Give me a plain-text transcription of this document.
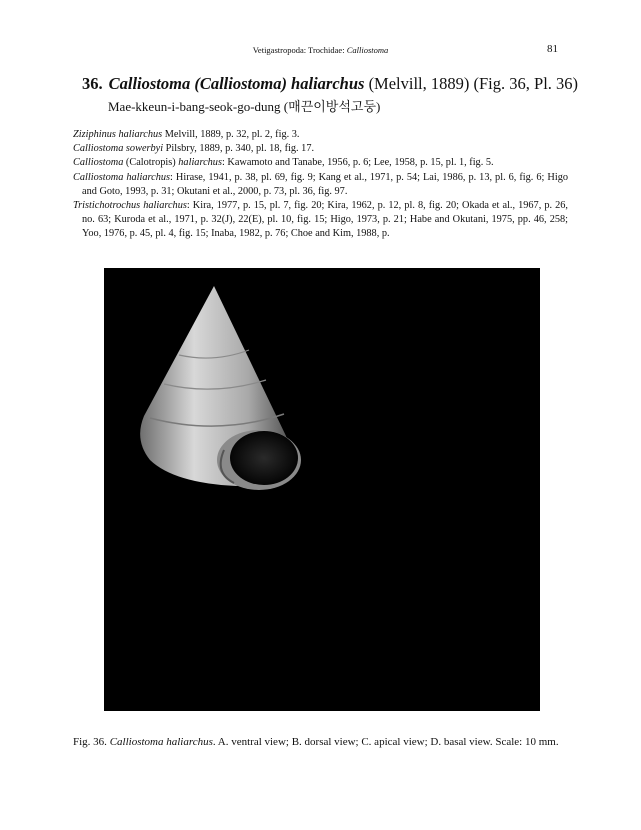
Vetigastropoda: Trochidae: Calliostoma	81
36. Calliostoma (Calliostoma) haliarchus (Melvill, 1889) (Fig. 36, Pl. 36)
Mae-kkeun-i-bang-seok-go-dung (매끈이방석고둥)

Ziziphinus haliarchus Melvill, 1889, p. 32, pl. 2, fig. 3.

Calliostoma sowerbyi Pilsbry, 1889, p. 340, pl. 18, fig. 17.

Calliostoma (Calotropis) haliarchus: Kawamoto and Tanabe, 1956, p. 6; Lee, 1958, p. 15, pl. 1, fig. 5.

Calliostoma haliarchus: Hirase, 1941, p. 38, pl. 69, fig. 9; Kang et al., 1971, p. 54; Lai, 1986, p. 13, pl. 6, fig. 6; Higo and Goto, 1993, p. 31; Okutani et al., 2000, p. 73, pl. 36, fig. 97.

Tristichotrochus haliarchus: Kira, 1977, p. 15, pl. 7, fig. 20; Kira, 1962, p. 12, pl. 8, fig. 20; Okada et al., 1967, p. 26, no. 63; Kuroda et al., 1971, p. 32(J), 22(E), pl. 10, fig. 15; Higo, 1973, p. 21; Habe and Okutani, 1975, pp. 46, 258; Yoo, 1976, p. 45, pl. 4, fig. 15; Inaba, 1982, p. 76; Choe and Kim, 1988, p.

Fig. 36. Calliostoma haliarchus. A. ventral view; B. dorsal view; C. apical view; D. basal view. Scale: 10 mm.
